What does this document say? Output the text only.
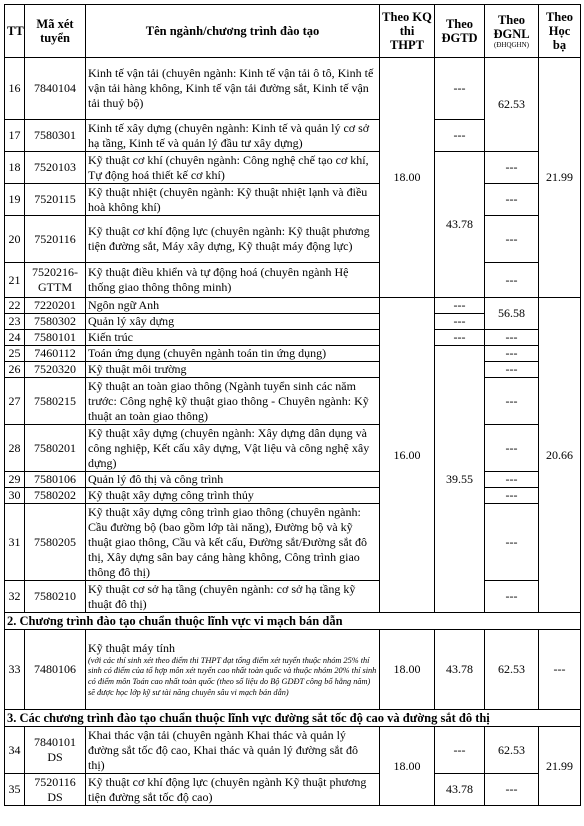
TT	Mã xét tuyển	Tên ngành/chương trình đào tạo	Theo KQ thi THPT	Theo ĐGTD	Theo ĐGNL
(ĐHQGHN)	Theo Học bạ
16	7840104	Kinh tế vận tải (chuyên ngành: Kinh tế vận tải ô tô, Kinh tế vận tải hàng không, Kinh tế vận tải đường sắt, Kinh tế vận tải thuỷ bộ)	18.00	---	62.53	21.99
17	7580301	Kinh tế xây dựng (chuyên ngành: Kinh tế và quản lý cơ sở hạ tầng, Kinh tế và quản lý đầu tư xây dựng)		---		
18	7520103	Kỹ thuật cơ khí (chuyên ngành: Công nghệ chế tạo cơ khí, Tự động hoá thiết kế cơ khí)		43.78	---	
19	7520115	Kỹ thuật nhiệt (chuyên ngành: Kỹ thuật nhiệt lạnh và điều hoà không khí)			---	
20	7520116	Kỹ thuật cơ khí động lực (chuyên ngành: Kỹ thuật phương tiện đường sắt, Máy xây dựng, Kỹ thuật máy động lực)			---	
21	7520216-GTTM	Kỹ thuật điều khiển và tự động hoá (chuyên ngành Hệ thống giao thông thông minh)			---	
22	7220201	Ngôn ngữ Anh	16.00	---	56.58	20.66
23	7580302	Quản lý xây dựng		---		
24	7580101	Kiến trúc		---	---	
25	7460112	Toán ứng dụng (chuyên ngành toán tin ứng dụng)		39.55	---	
26	7520320	Kỹ thuật môi trường			---	
27	7580215	Kỹ thuật an toàn giao thông (Ngành tuyển sinh các năm trước: Công nghệ kỹ thuật giao thông - Chuyên ngành: Kỹ thuật an toàn giao thông)			---	
28	7580201	Kỹ thuật xây dựng (chuyên ngành: Xây dựng dân dụng và công nghiệp, Kết cấu xây dựng, Vật liệu và công nghệ xây dựng)			---	
29	7580106	Quản lý đô thị và công trình			---	
30	7580202	Kỹ thuật xây dựng công trình thủy			---	
31	7580205	Kỹ thuật xây dựng công trình giao thông (chuyên ngành: Cầu đường bộ (bao gồm lớp tài năng), Đường bộ và kỹ thuật giao thông, Cầu và kết cấu, Đường sắt/Đường sắt đô thị, Xây dựng sân bay cảng hàng không, Công trình giao thông đô thị)			---	
32	7580210	Kỹ thuật cơ sở hạ tầng (chuyên ngành: cơ sở hạ tầng kỹ thuật đô thị)			---	
2. Chương trình đào tạo chuẩn thuộc lĩnh vực vi mạch bán dẫn						
33	7480106	Kỹ thuật máy tính
(với các thí sinh xét theo điểm thi THPT đạt tổng điểm xét tuyển thuộc nhóm 25% thí sinh có điểm của tổ hợp môn xét tuyển cao nhất toàn quốc và thuộc nhóm 20% thí sinh có điểm môn Toán cao nhất toàn quốc (theo số liệu do Bộ GDĐT công bố hằng năm) sẽ được học lớp kỹ sư tài năng chuyên sâu vi mạch bán dẫn)	18.00	43.78	62.53	---
3. Các chương trình đào tạo chuẩn thuộc lĩnh vực đường sắt tốc độ cao và đường sắt đô thị						
34	7840101 DS	Khai thác vận tải (chuyên ngành Khai thác và quản lý đường sắt tốc độ cao, Khai thác và quản lý đường sắt đô thị)	18.00	---	62.53	21.99
35	7520116 DS	Kỹ thuật cơ khí động lực (chuyên ngành Kỹ thuật phương tiện đường sắt tốc độ cao)		43.78	---	
